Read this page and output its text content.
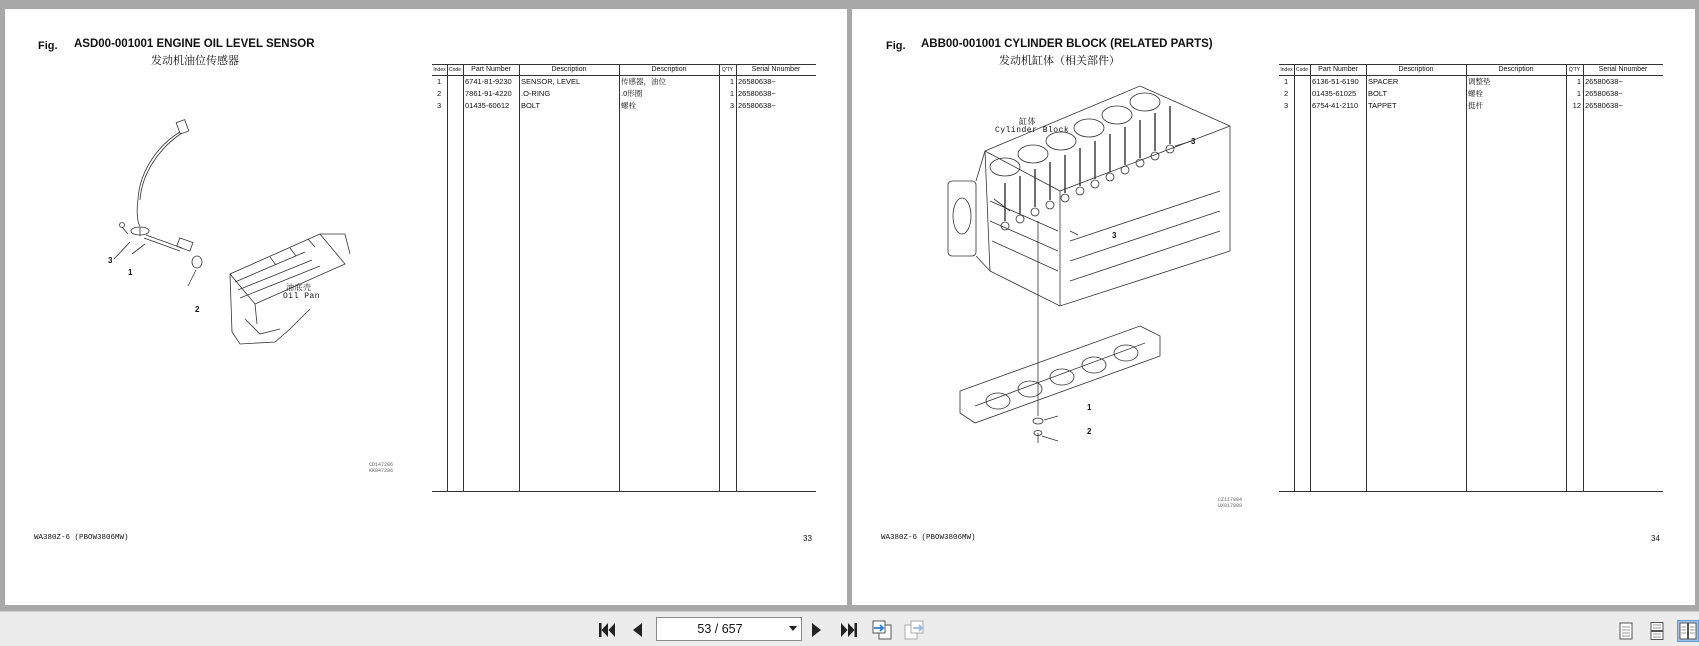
Fig. ASD00-001001 ENGINE OIL LEVEL SENSOR
发动机油位传感器
3
1
2
油底壳
Oil Pan
CD147286
KK047286
Index Code	Part Number	Description	Description	Q'TY	Serial Nnumber
1	6741-81-9230 SENSOR, LEVEL	传感器，油位	1 26580638~
2	7861-91-4220 .O-RING	.0形圈	1 26580638~
3	01435-60612 BOLT	螺栓	3 26580638~
WA380Z-6 (PBOW3806MW)	33
Fig. ABB00-001001 CYLINDER BLOCK (RELATED PARTS)
发动机缸体（相关部件）
缸体
Cylinder Block
3
3
1
2
CZ117884
UX017880
Index Code	Part Number	Description	Description	Q'TY	Serial Nnumber
1	6136-51-6190 SPACER	调整垫	1 26580638~
2	01435-61025 BOLT	螺栓	1 26580638~
3	6754-41-2110 TAPPET	挺杆	12 26580638~
WA380Z-6 (PBOW3806MW)	34
53 / 657
